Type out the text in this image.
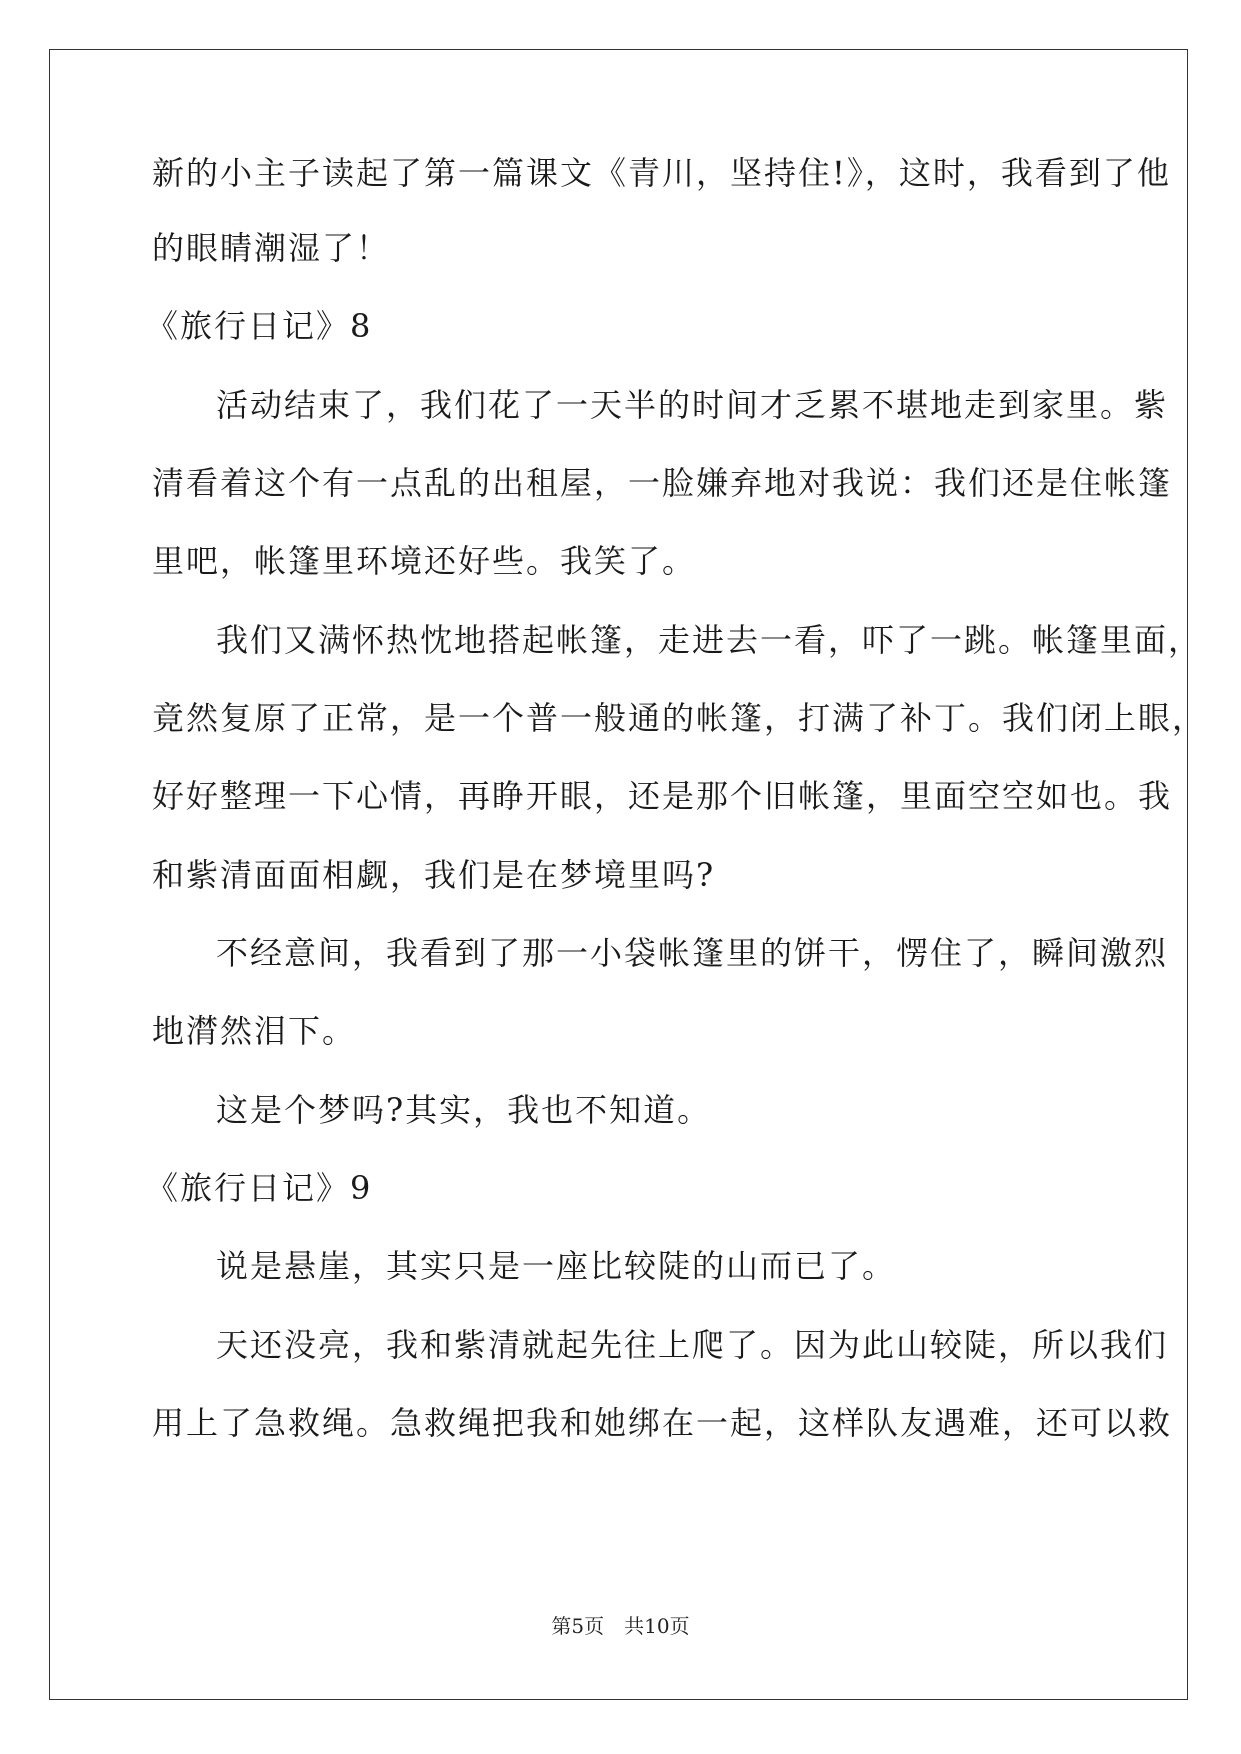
新的小主子读起了第一篇课文《青川，坚持住!》，这时，我看到了他
的眼睛潮湿了！
《旅行日记》8
活动结束了，我们花了一天半的时间才乏累不堪地走到家里。紫
清看着这个有一点乱的出租屋，一脸嫌弃地对我说：我们还是住帐篷
里吧，帐篷里环境还好些。我笑了。
我们又满怀热忱地搭起帐篷，走进去一看，吓了一跳。帐篷里面，
竟然复原了正常，是一个普一般通的帐篷，打满了补丁。我们闭上眼，
好好整理一下心情，再睁开眼，还是那个旧帐篷，里面空空如也。我
和紫清面面相觑，我们是在梦境里吗?
不经意间，我看到了那一小袋帐篷里的饼干，愣住了，瞬间激烈
地潸然泪下。
这是个梦吗?其实，我也不知道。
《旅行日记》9
说是悬崖，其实只是一座比较陡的山而已了。
天还没亮，我和紫清就起先往上爬了。因为此山较陡，所以我们
用上了急救绳。急救绳把我和她绑在一起，这样队友遇难，还可以救
第5页 共10页
